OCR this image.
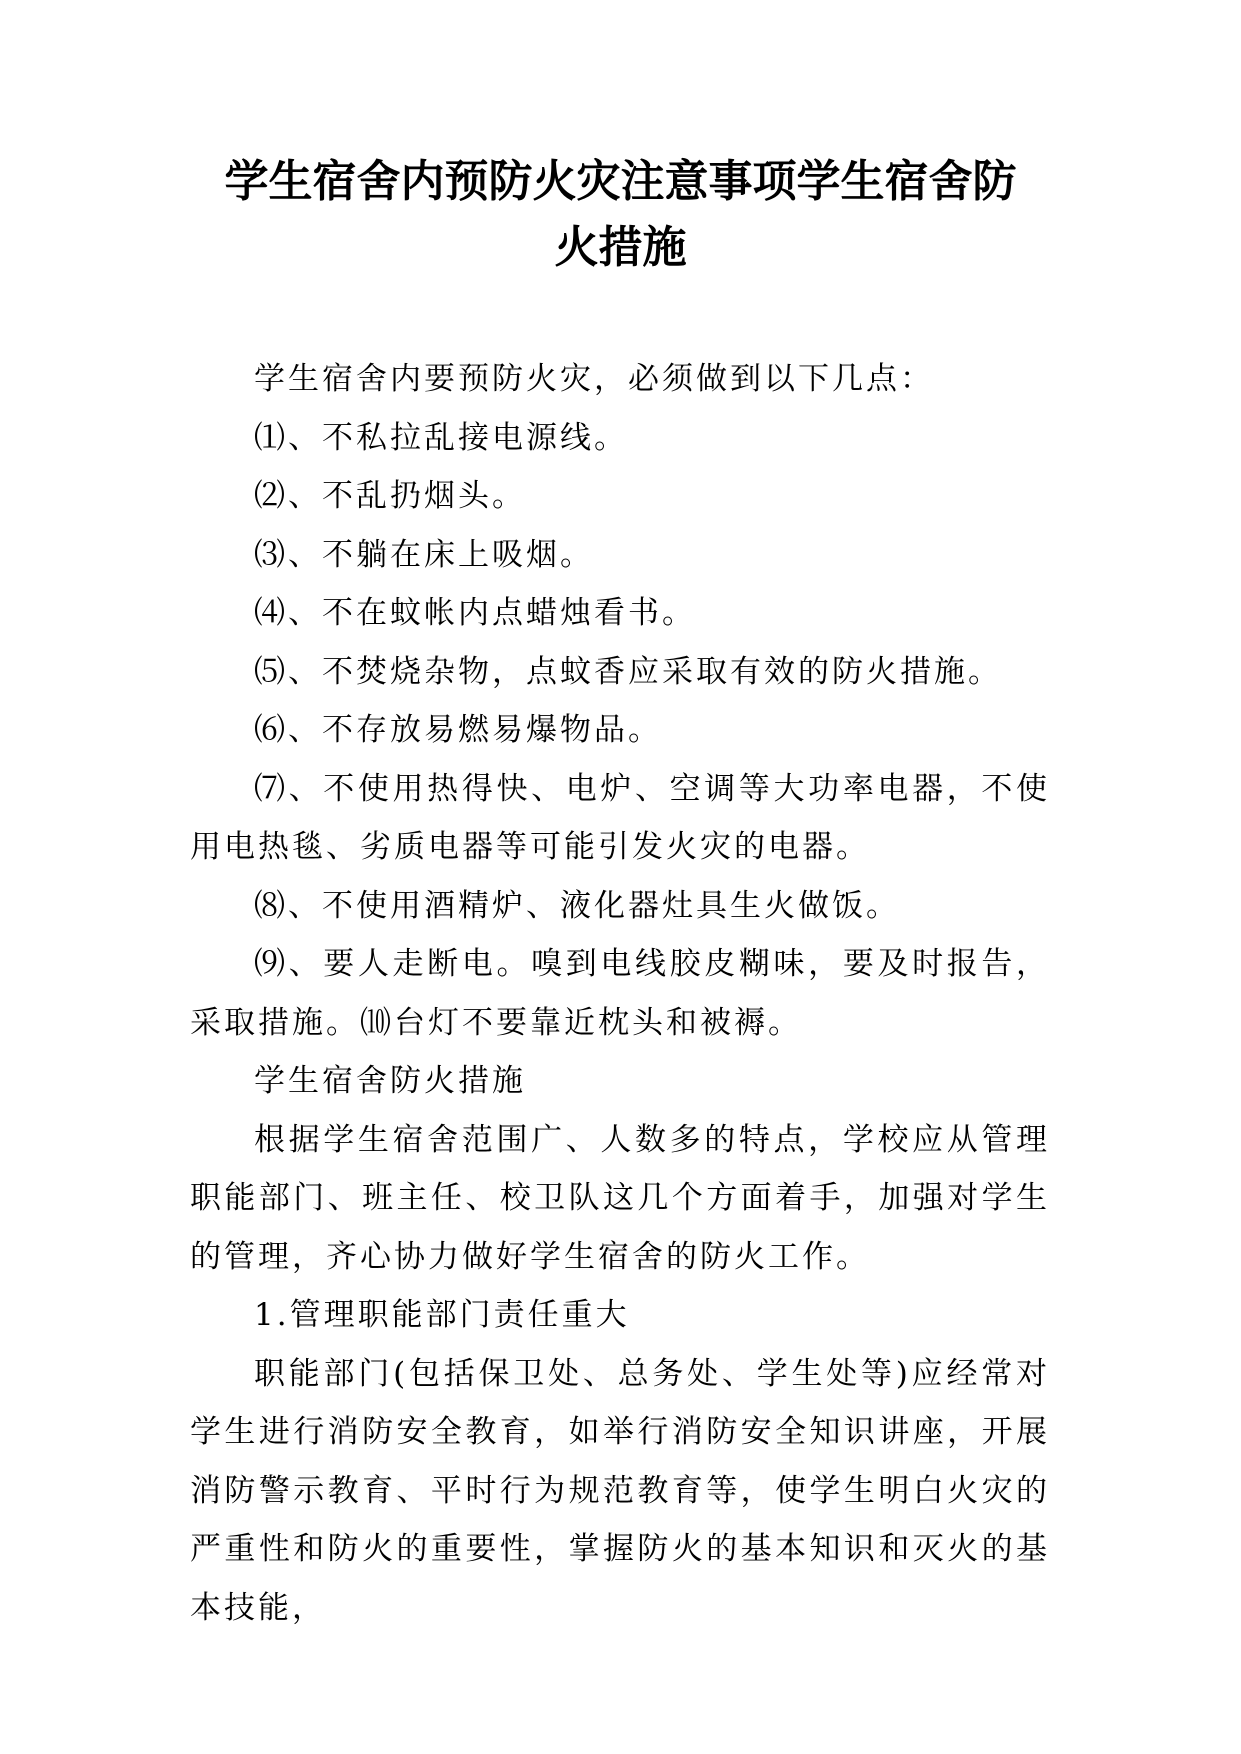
学生宿舍内预防火灾注意事项学生宿舍防
火措施

学生宿舍内要预防火灾，必须做到以下几点：

⑴、不私拉乱接电源线。

⑵、不乱扔烟头。

⑶、不躺在床上吸烟。

⑷、不在蚊帐内点蜡烛看书。

⑸、不焚烧杂物，点蚊香应采取有效的防火措施。

⑹、不存放易燃易爆物品。

⑺、不使用热得快、电炉、空调等大功率电器，不使用电热毯、劣质电器等可能引发火灾的电器。

⑻、不使用酒精炉、液化器灶具生火做饭。

⑼、要人走断电。嗅到电线胶皮糊味，要及时报告，采取措施。⑽台灯不要靠近枕头和被褥。

学生宿舍防火措施

根据学生宿舍范围广、人数多的特点，学校应从管理职能部门、班主任、校卫队这几个方面着手，加强对学生的管理，齐心协力做好学生宿舍的防火工作。

1.管理职能部门责任重大

职能部门(包括保卫处、总务处、学生处等)应经常对学生进行消防安全教育，如举行消防安全知识讲座，开展消防警示教育、平时行为规范教育等，使学生明白火灾的严重性和防火的重要性，掌握防火的基本知识和灭火的基本技能，
